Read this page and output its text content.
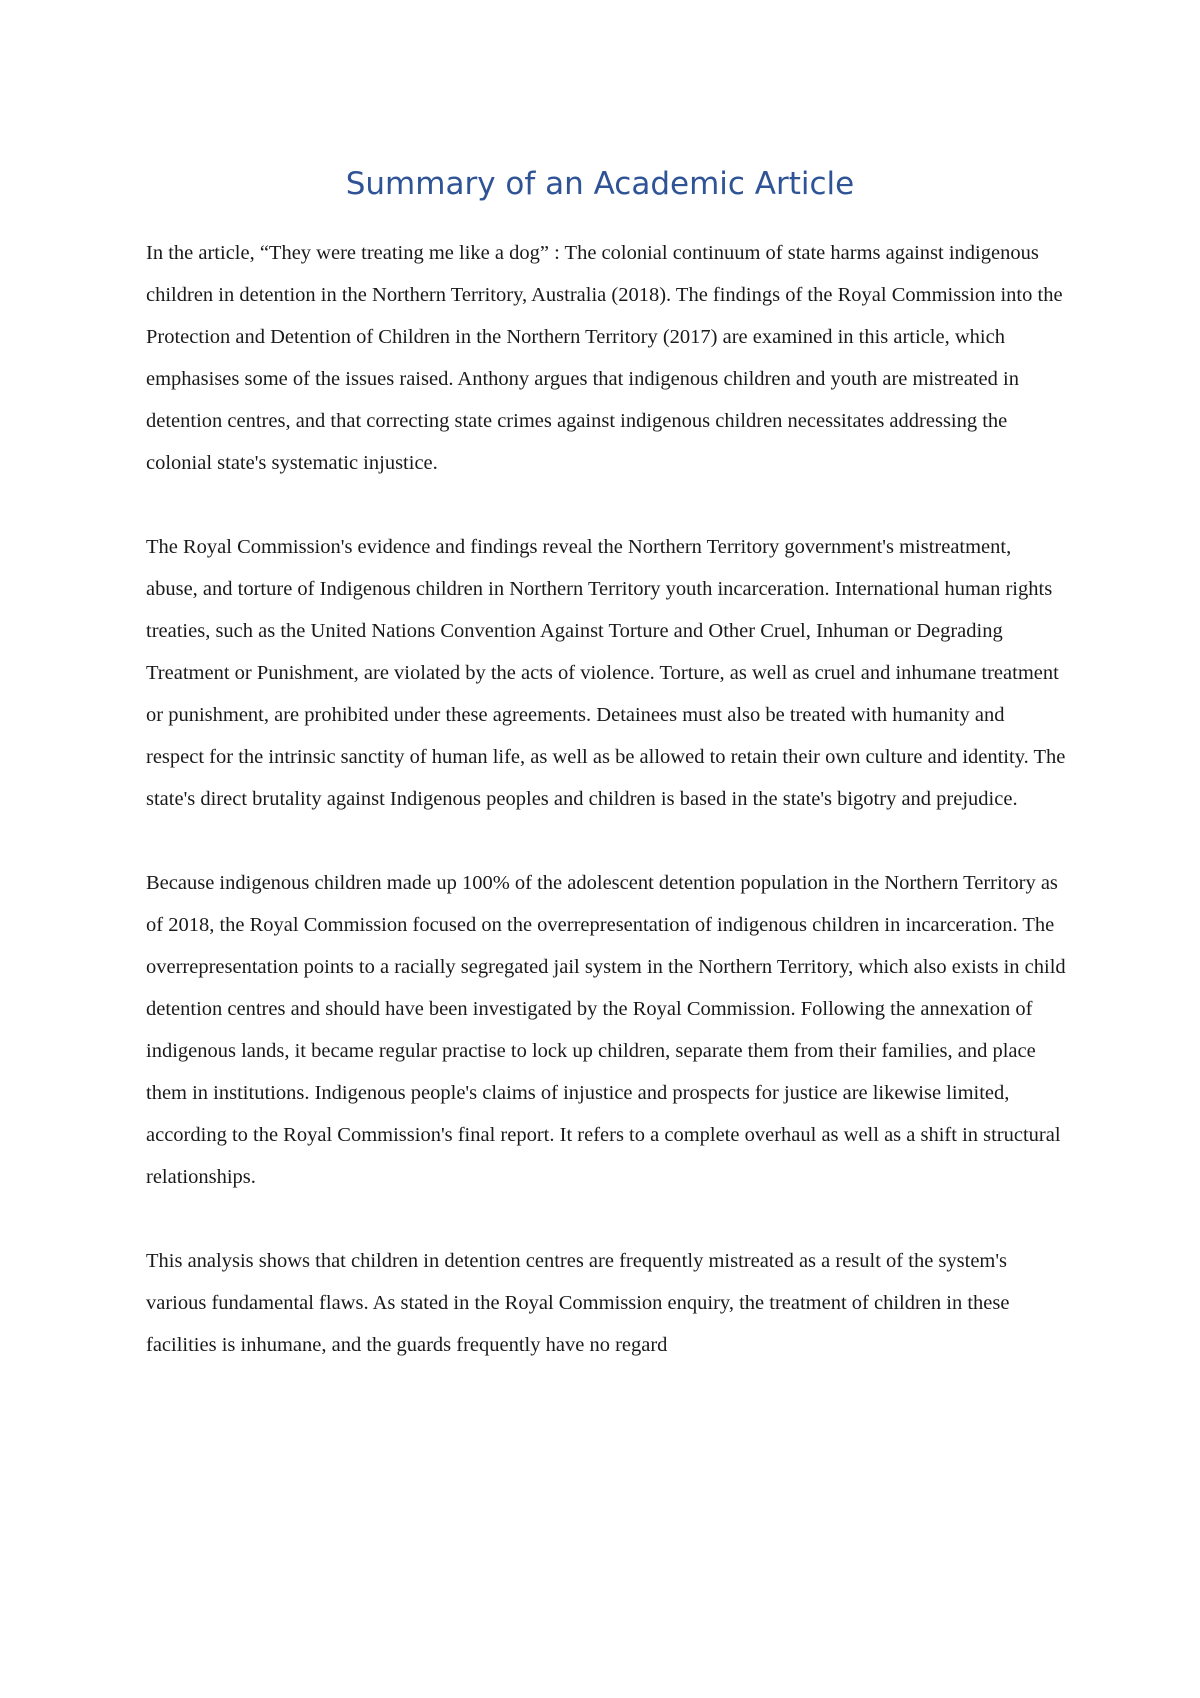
Summary of an Academic Article

In the article, “They were treating me like a dog” : The colonial continuum of state harms against indigenous children in detention in the Northern Territory, Australia (2018). The findings of the Royal Commission into the Protection and Detention of Children in the Northern Territory (2017) are examined in this article, which emphasises some of the issues raised. Anthony argues that indigenous children and youth are mistreated in detention centres, and that correcting state crimes against indigenous children necessitates addressing the colonial state's systematic injustice.

The Royal Commission's evidence and findings reveal the Northern Territory government's mistreatment, abuse, and torture of Indigenous children in Northern Territory youth incarceration. International human rights treaties, such as the United Nations Convention Against Torture and Other Cruel, Inhuman or Degrading Treatment or Punishment, are violated by the acts of violence. Torture, as well as cruel and inhumane treatment or punishment, are prohibited under these agreements. Detainees must also be treated with humanity and respect for the intrinsic sanctity of human life, as well as be allowed to retain their own culture and identity. The state's direct brutality against Indigenous peoples and children is based in the state's bigotry and prejudice.

Because indigenous children made up 100% of the adolescent detention population in the Northern Territory as of 2018, the Royal Commission focused on the overrepresentation of indigenous children in incarceration. The overrepresentation points to a racially segregated jail system in the Northern Territory, which also exists in child detention centres and should have been investigated by the Royal Commission. Following the annexation of indigenous lands, it became regular practise to lock up children, separate them from their families, and place them in institutions. Indigenous people's claims of injustice and prospects for justice are likewise limited, according to the Royal Commission's final report. It refers to a complete overhaul as well as a shift in structural relationships.

This analysis shows that children in detention centres are frequently mistreated as a result of the system's various fundamental flaws. As stated in the Royal Commission enquiry, the treatment of children in these facilities is inhumane, and the guards frequently have no regard
